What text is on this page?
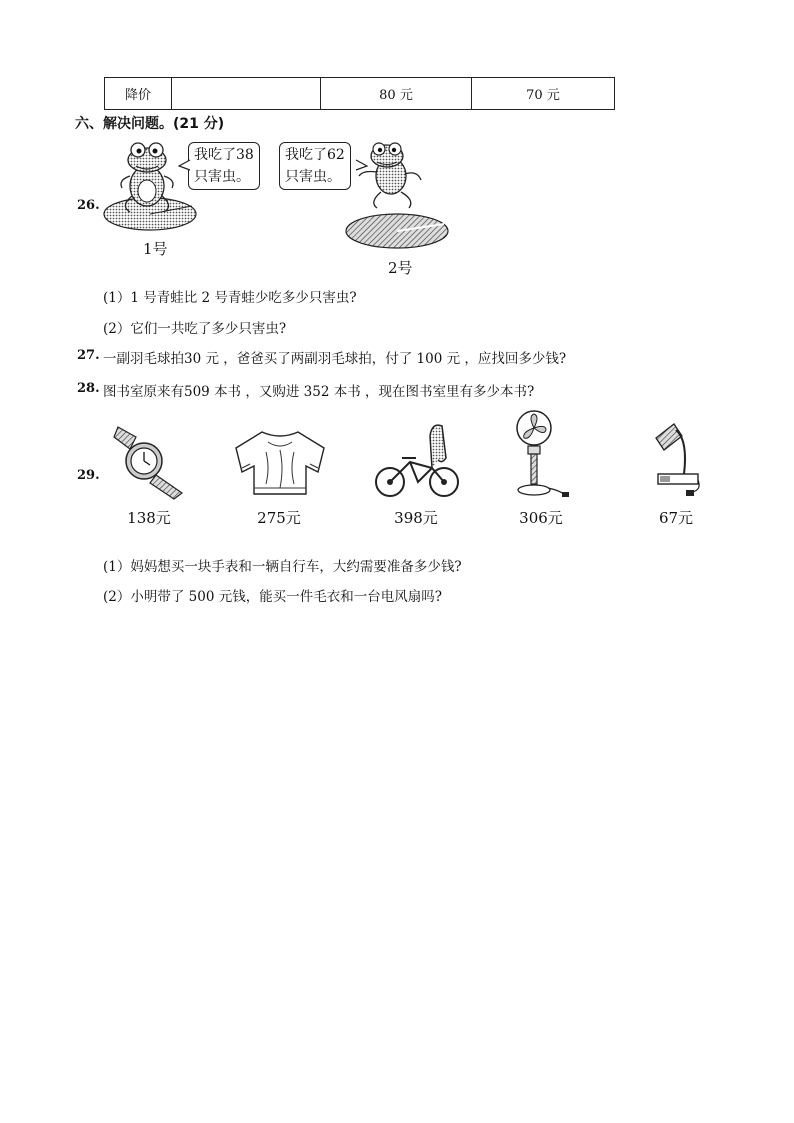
降价		80 元	70 元
六、解决问题。(21 分)
26.
我吃了38
只害虫。
1号
我吃了62
只害虫。
2号
(1）1 号青蛙比 2 号青蛙少吃多少只害虫?
(2）它们一共吃了多少只害虫?
27. 一副羽毛球拍30 元 ，爸爸买了两副羽毛球拍，付了 100 元 ，应找回多少钱?
28. 图书室原来有509 本书 ，又购进 352 本书 ，现在图书室里有多少本书?
29.
138元	275元	398元	306元	67元
(1）妈妈想买一块手表和一辆自行车，大约需要准备多少钱?
(2）小明带了 500 元钱，能买一件毛衣和一台电风扇吗?
